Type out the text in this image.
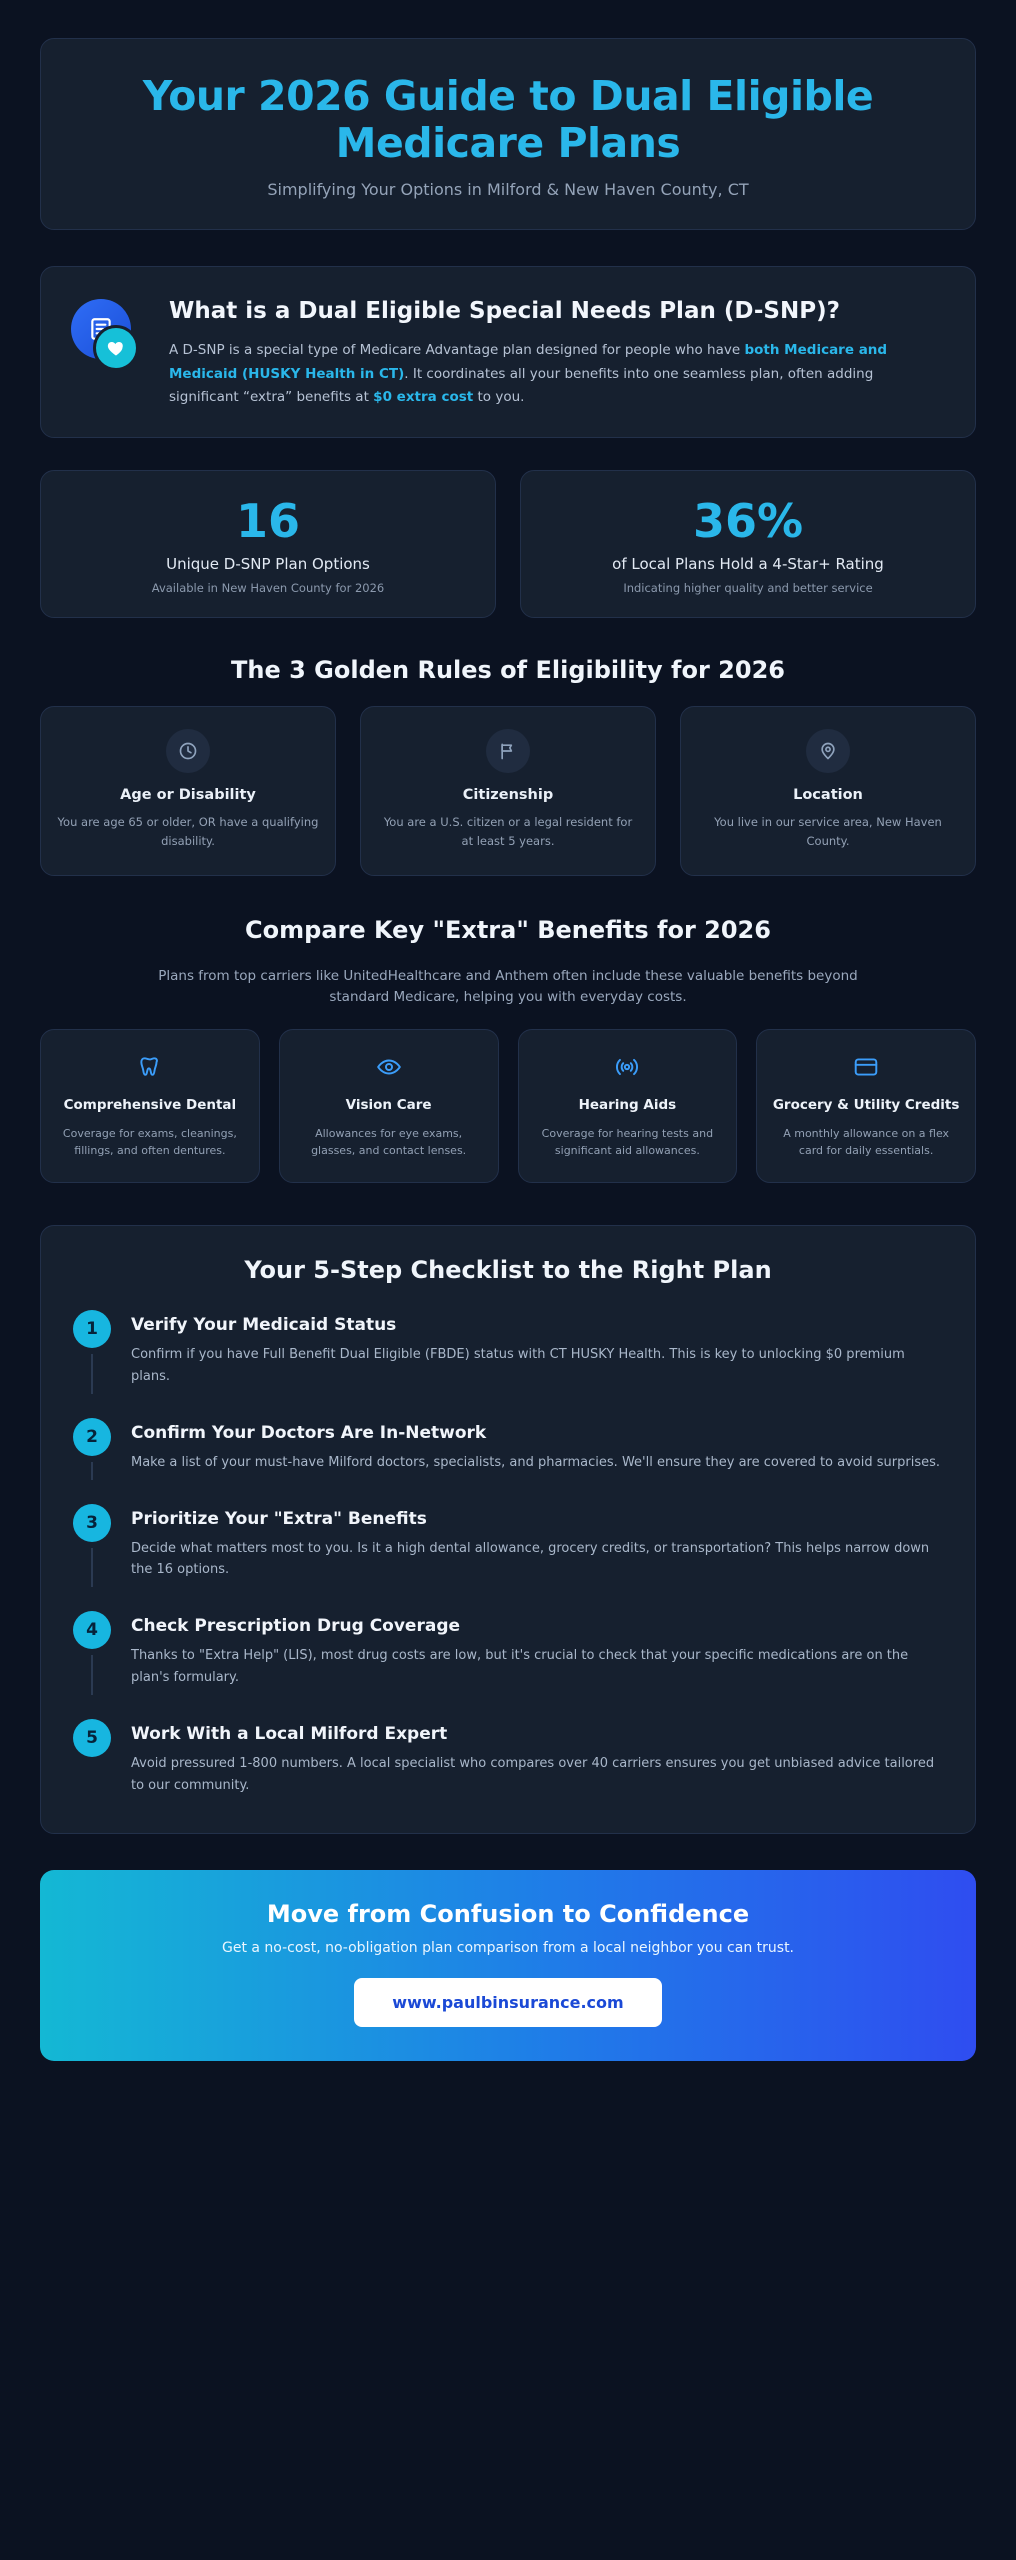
Your 2026 Guide to Dual Eligible Medicare Plans
Simplifying Your Options in Milford & New Haven County, CT
What is a Dual Eligible Special Needs Plan (D-SNP)?

A D-SNP is a special type of Medicare Advantage plan designed for people who have both Medicare and Medicaid (HUSKY Health in CT). It coordinates all your benefits into one seamless plan, often adding significant “extra” benefits at $0 extra cost to you.

16
Unique D-SNP Plan Options
Available in New Haven County for 2026
36%
of Local Plans Hold a 4-Star+ Rating
Indicating higher quality and better service
The 3 Golden Rules of Eligibility for 2026
Age or Disability

You are age 65 or older, OR have a qualifying disability.

Citizenship

You are a U.S. citizen or a legal resident for at least 5 years.

Location

You live in our service area, New Haven County.

Compare Key "Extra" Benefits for 2026
Plans from top carriers like UnitedHealthcare and Anthem often include these valuable benefits beyond standard Medicare, helping you with everyday costs.
Comprehensive Dental

Coverage for exams, cleanings, fillings, and often dentures.

Vision Care

Allowances for eye exams, glasses, and contact lenses.

Hearing Aids

Coverage for hearing tests and significant aid allowances.

Grocery & Utility Credits

A monthly allowance on a flex card for daily essentials.

Your 5-Step Checklist to the Right Plan
1	Verify Your Medicaid Status

Confirm if you have Full Benefit Dual Eligible (FBDE) status with CT HUSKY Health. This is key to unlocking $0 premium plans.

2	Confirm Your Doctors Are In-Network

Make a list of your must-have Milford doctors, specialists, and pharmacies. We'll ensure they are covered to avoid surprises.

3	Prioritize Your "Extra" Benefits

Decide what matters most to you. Is it a high dental allowance, grocery credits, or transportation? This helps narrow down the 16 options.

4	Check Prescription Drug Coverage

Thanks to "Extra Help" (LIS), most drug costs are low, but it's crucial to check that your specific medications are on the plan's formulary.

5	Work With a Local Milford Expert

Avoid pressured 1-800 numbers. A local specialist who compares over 40 carriers ensures you get unbiased advice tailored to our community.

Move from Confusion to Confidence

Get a no-cost, no-obligation plan comparison from a local neighbor you can trust.

www.paulbinsurance.com
